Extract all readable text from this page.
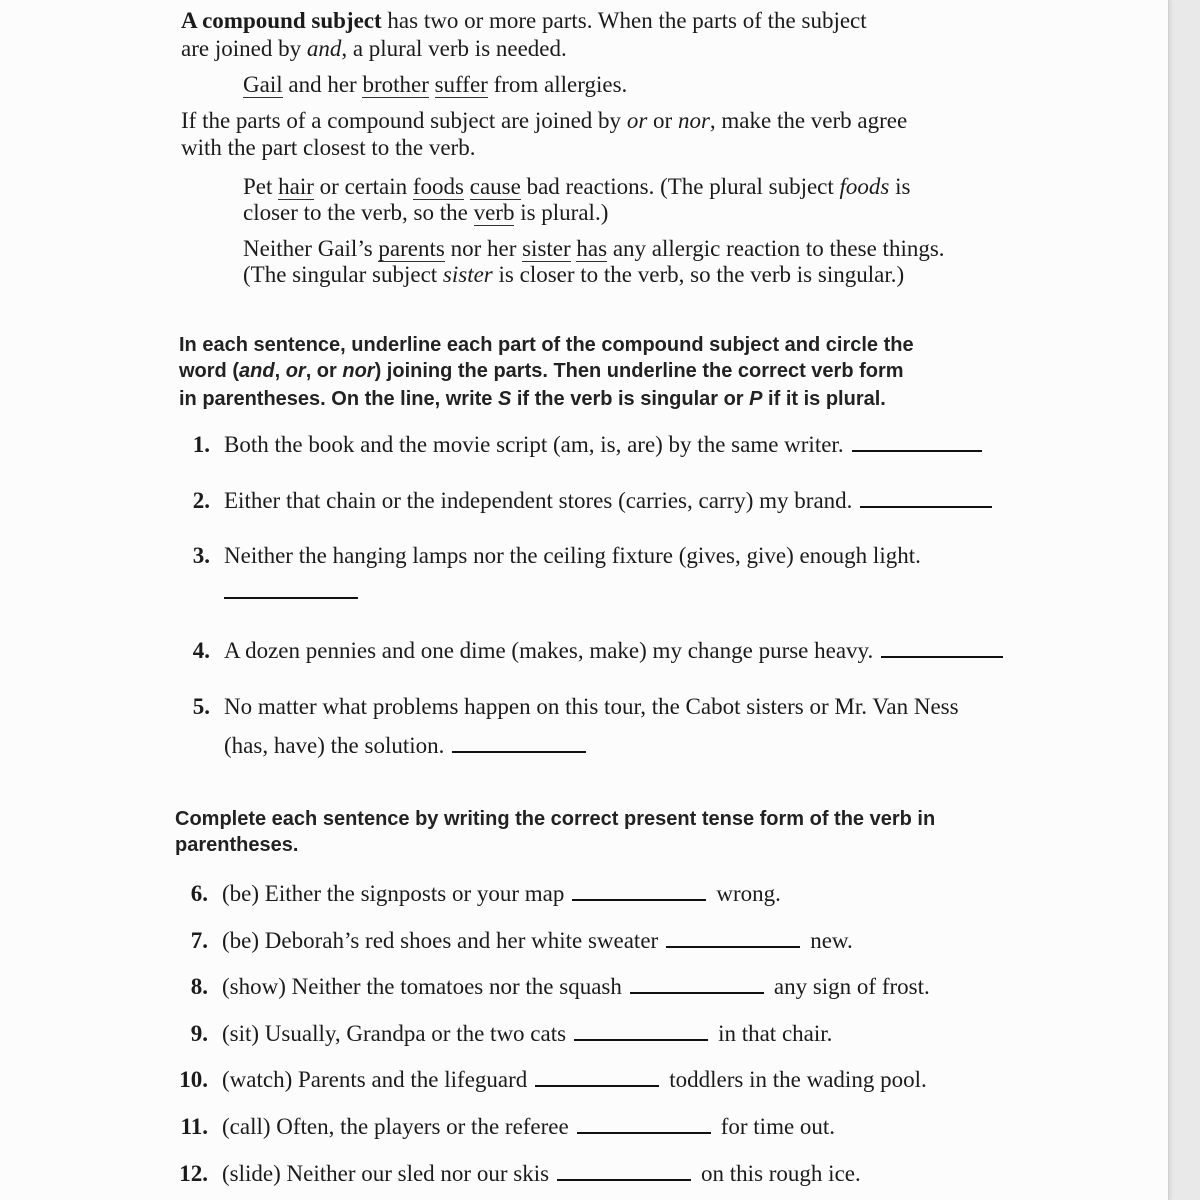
A compound subject has two or more parts. When the parts of the subject
are joined by and, a plural verb is needed.
Gail and her brother suffer from allergies.
If the parts of a compound subject are joined by or or nor, make the verb agree
with the part closest to the verb.
Pet hair or certain foods cause bad reactions. (The plural subject foods is
closer to the verb, so the verb is plural.)
Neither Gail’s parents nor her sister has any allergic reaction to these things.
(The singular subject sister is closer to the verb, so the verb is singular.)
In each sentence, underline each part of the compound subject and circle the
word (and, or, or nor) joining the parts. Then underline the correct verb form
in parentheses. On the line, write S if the verb is singular or P if it is plural.
1. Both the book and the movie script (am, is, are) by the same writer.
2. Either that chain or the independent stores (carries, carry) my brand.
3. Neither the hanging lamps nor the ceiling fixture (gives, give) enough light.
4. A dozen pennies and one dime (makes, make) my change purse heavy.
5. No matter what problems happen on this tour, the Cabot sisters or Mr. Van Ness
(has, have) the solution.
Complete each sentence by writing the correct present tense form of the verb in
parentheses.
6. (be) Either the signposts or your map	wrong.
7. (be) Deborah’s red shoes and her white sweater	new.
8. (show) Neither the tomatoes nor the squash	any sign of frost.
9. (sit) Usually, Grandpa or the two cats	in that chair.
10. (watch) Parents and the lifeguard	toddlers in the wading pool.
11. (call) Often, the players or the referee	for time out.
12. (slide) Neither our sled nor our skis	on this rough ice.
